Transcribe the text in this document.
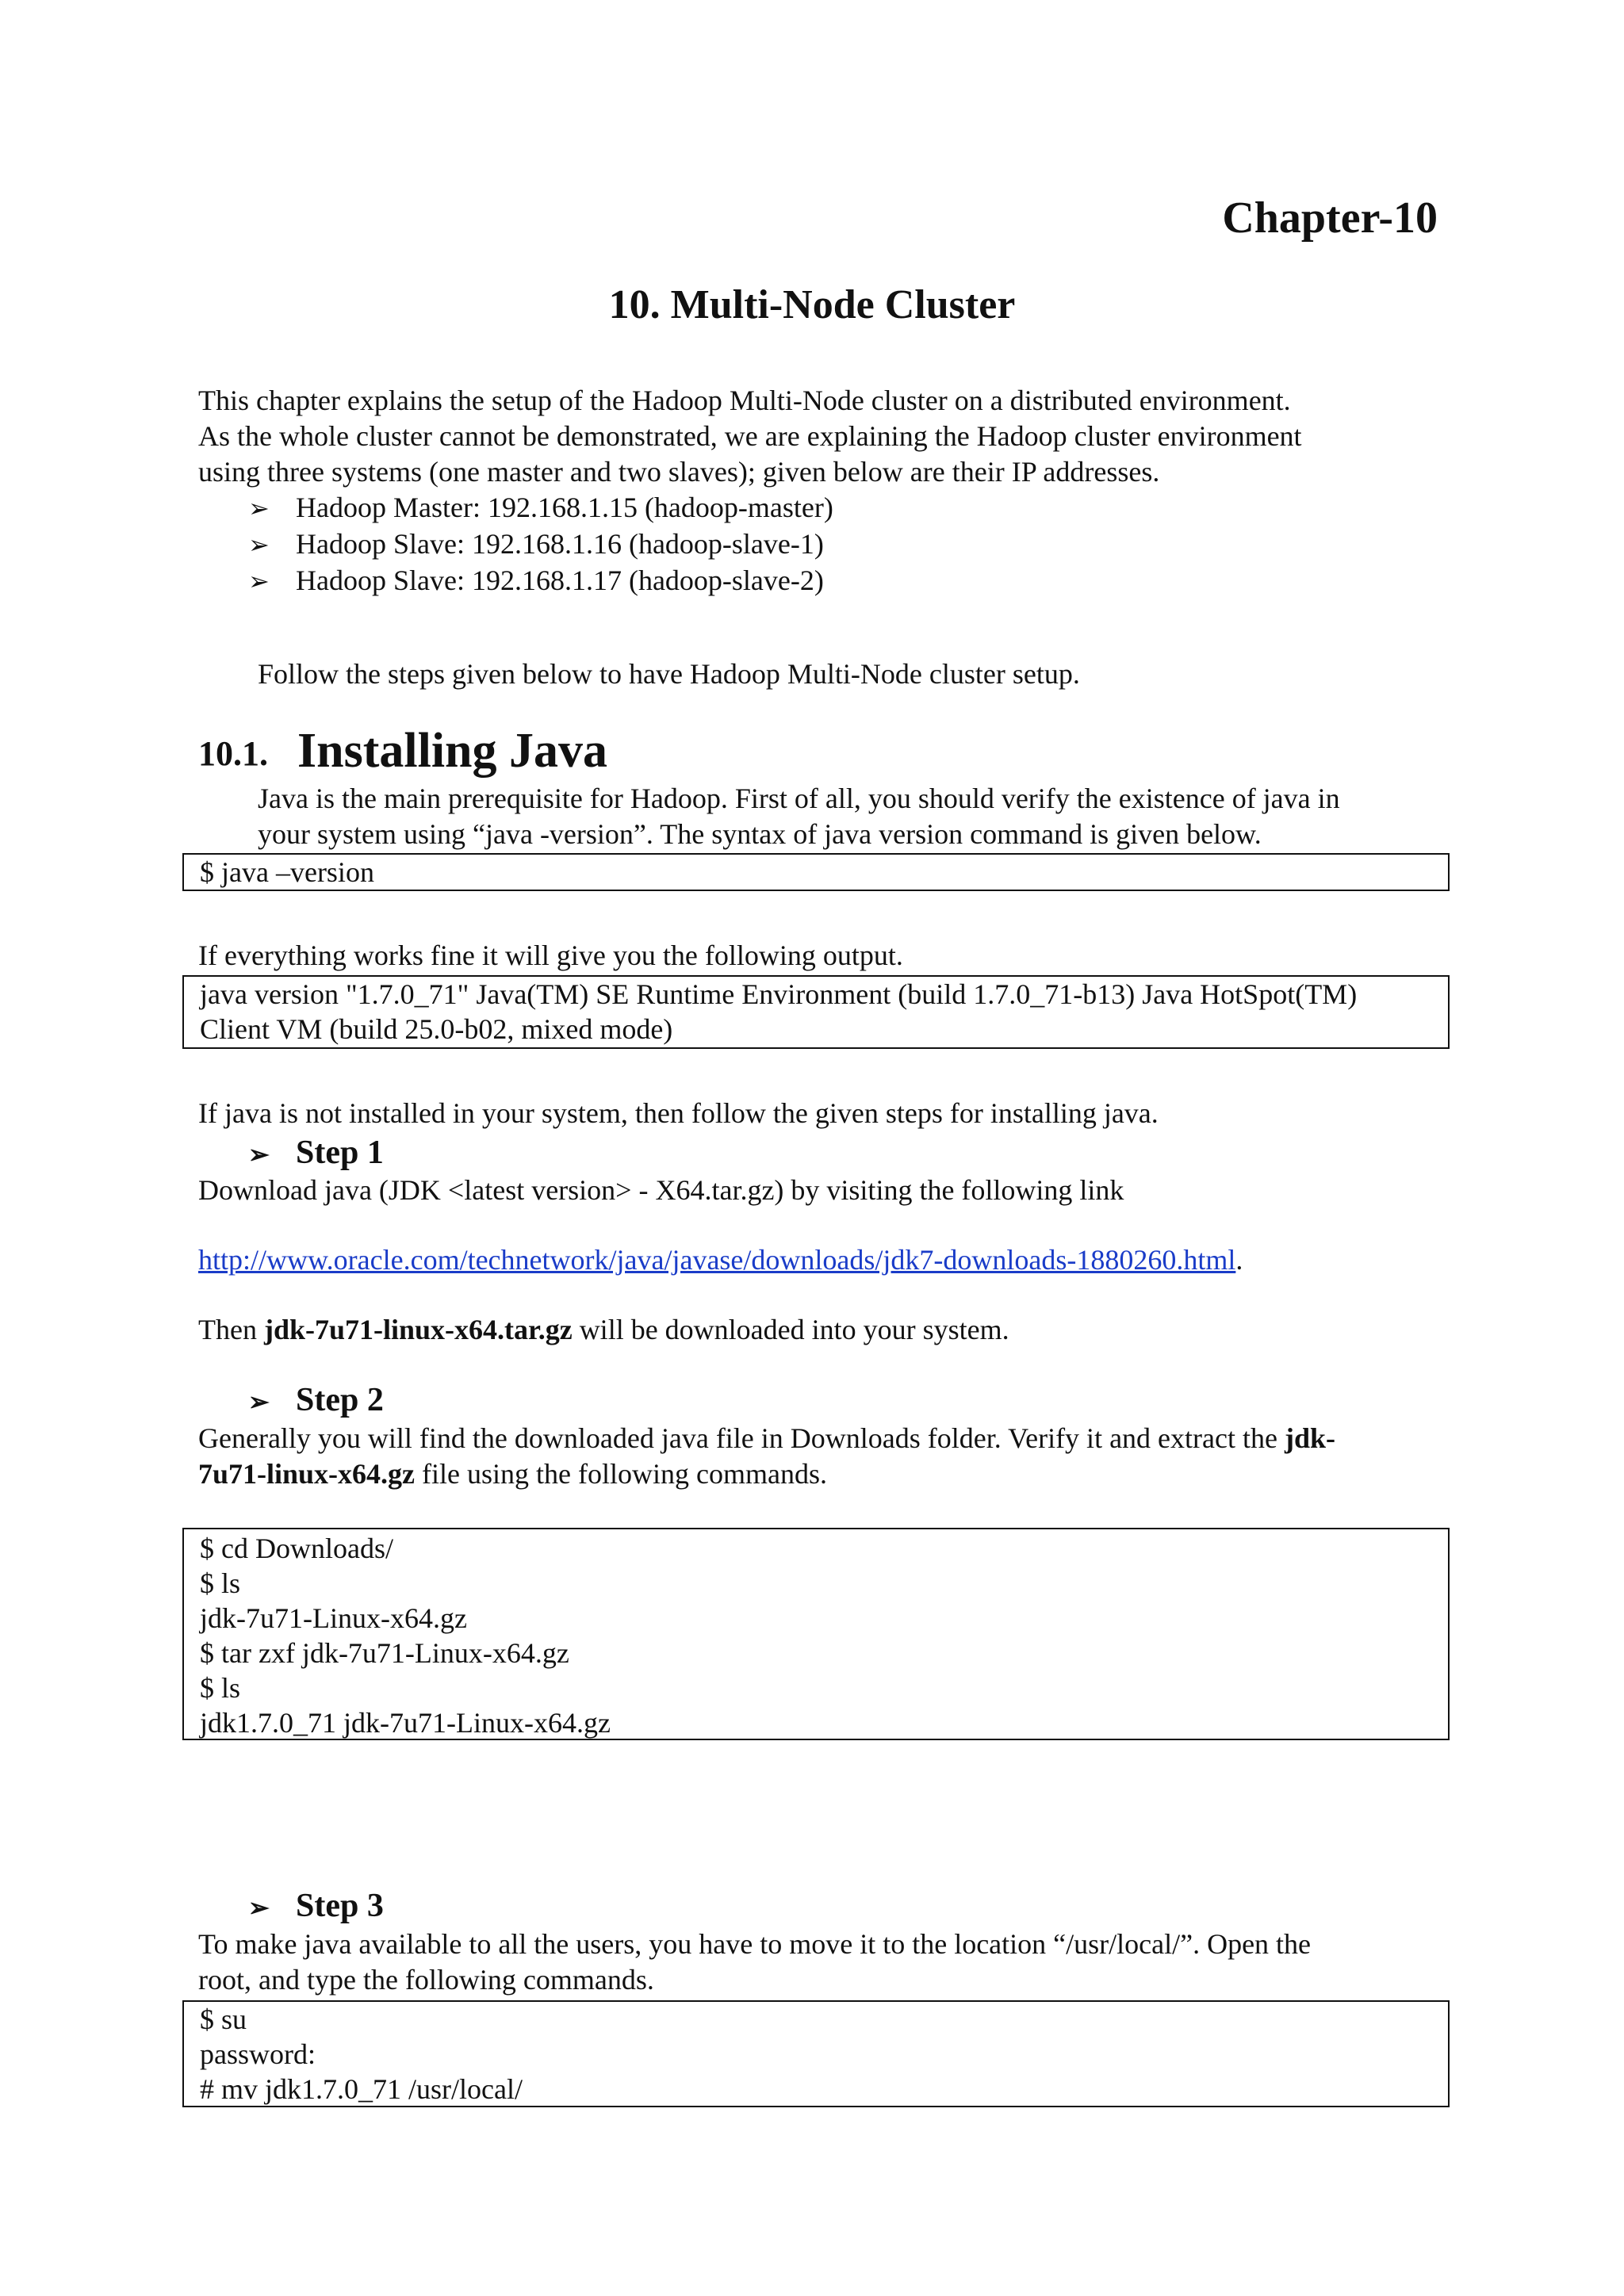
Chapter-10
10. Multi-Node Cluster
This chapter explains the setup of the Hadoop Multi-Node cluster on a distributed environment.
As the whole cluster cannot be demonstrated, we are explaining the Hadoop cluster environment
using three systems (one master and two slaves); given below are their IP addresses.
➢ Hadoop Master: 192.168.1.15 (hadoop-master)
➢ Hadoop Slave: 192.168.1.16 (hadoop-slave-1)
➢ Hadoop Slave: 192.168.1.17 (hadoop-slave-2)
Follow the steps given below to have Hadoop Multi-Node cluster setup.
10.1. Installing Java
Java is the main prerequisite for Hadoop. First of all, you should verify the existence of java in
your system using “java -version”. The syntax of java version command is given below.
$ java –version
If everything works fine it will give you the following output.
java version "1.7.0_71" Java(TM) SE Runtime Environment (build 1.7.0_71-b13) Java HotSpot(TM)
Client VM (build 25.0-b02, mixed mode)
If java is not installed in your system, then follow the given steps for installing java.
➢ Step 1
Download java (JDK <latest version> - X64.tar.gz) by visiting the following link
http://www.oracle.com/technetwork/java/javase/downloads/jdk7-downloads-1880260.html.
Then jdk-7u71-linux-x64.tar.gz will be downloaded into your system.
➢ Step 2
Generally you will find the downloaded java file in Downloads folder. Verify it and extract the jdk-
7u71-linux-x64.gz file using the following commands.
$ cd Downloads/
$ ls
jdk-7u71-Linux-x64.gz
$ tar zxf jdk-7u71-Linux-x64.gz
$ ls
jdk1.7.0_71 jdk-7u71-Linux-x64.gz
➢ Step 3
To make java available to all the users, you have to move it to the location “/usr/local/”. Open the
root, and type the following commands.
$ su
password:
# mv jdk1.7.0_71 /usr/local/
